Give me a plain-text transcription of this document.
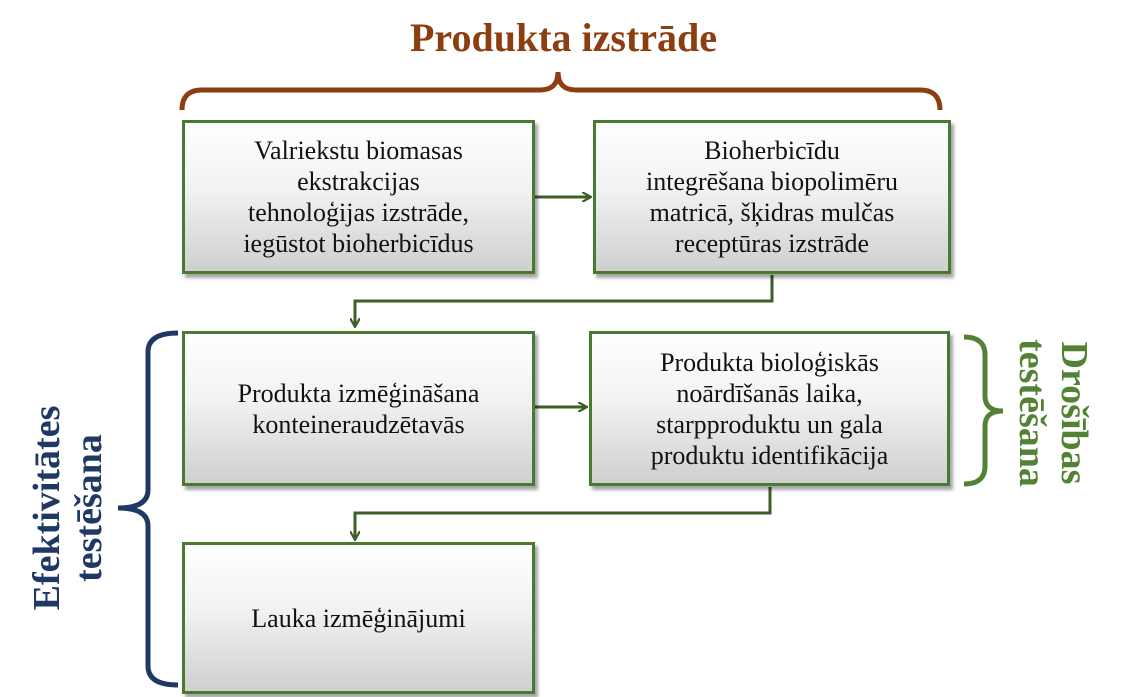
Produkta izstrāde
Valriekstu biomasas
ekstrakcijas
tehnoloģijas izstrāde,
iegūstot bioherbicīdus
Bioherbicīdu
integrēšana biopolimēru
matricā, šķidras mulčas
receptūras izstrāde
Produkta izmēģināšana
konteineraudzētavās
Produkta bioloģiskās
noārdīšanās laika,
starpproduktu un gala
produktu identifikācija
Lauka izmēģinājumi
Efektivitātes testēšana
Drošības
testēšana
